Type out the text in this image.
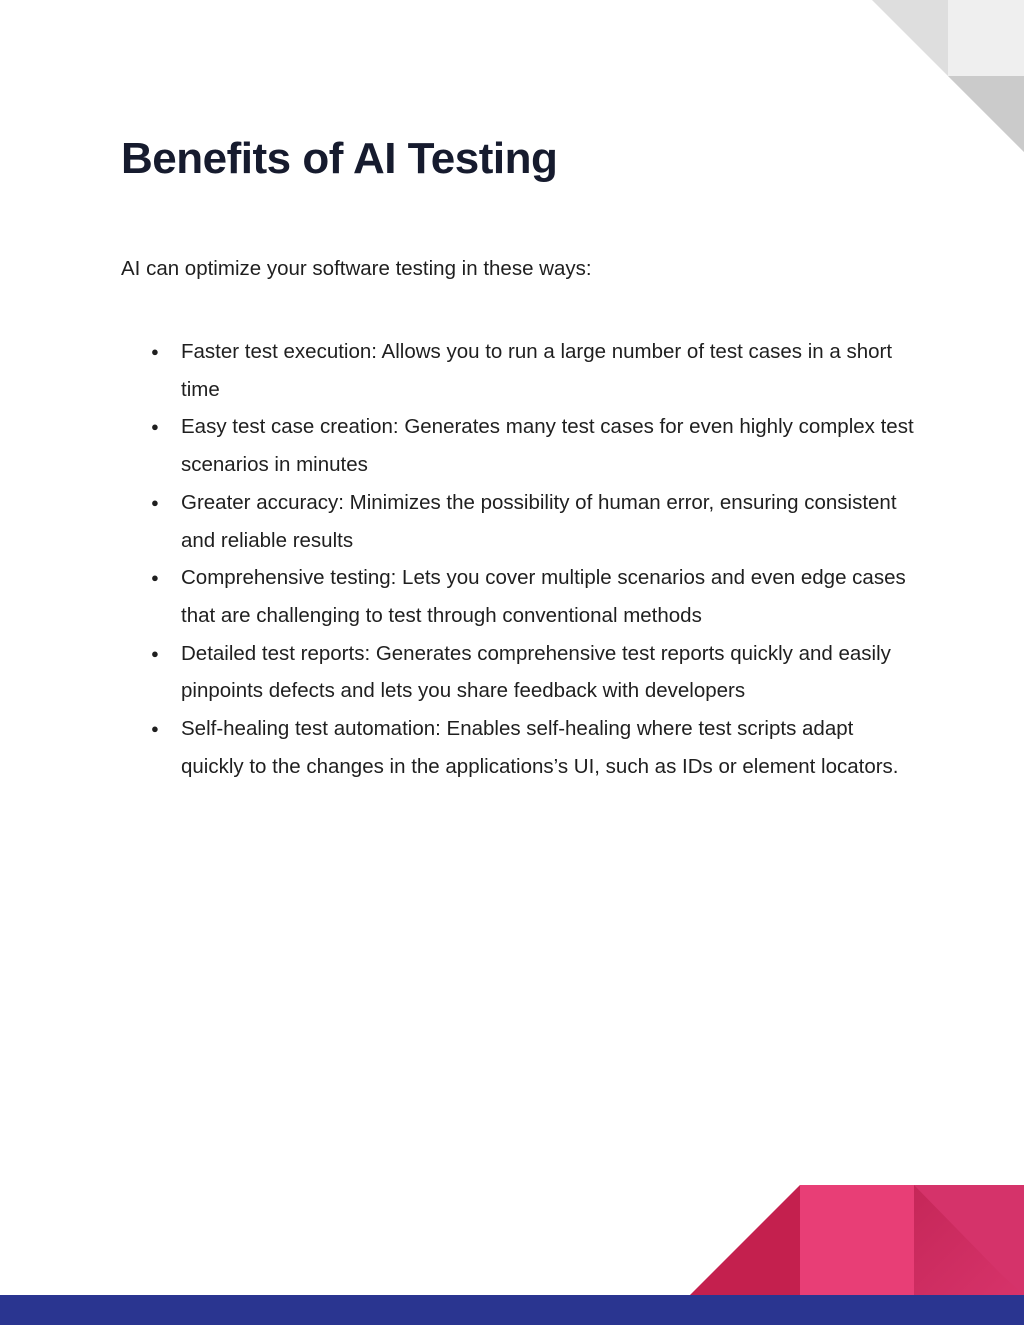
Benefits of AI Testing

AI can optimize your software testing in these ways:

● Faster test execution: Allows you to run a large number of test cases in a short time
● Easy test case creation: Generates many test cases for even highly complex test scenarios in minutes
● Greater accuracy: Minimizes the possibility of human error, ensuring consistent and reliable results
● Comprehensive testing: Lets you cover multiple scenarios and even edge cases that are challenging to test through conventional methods
● Detailed test reports: Generates comprehensive test reports quickly and easily pinpoints defects and lets you share feedback with developers
● Self-healing test automation: Enables self-healing where test scripts adapt quickly to the changes in the applications’s UI, such as IDs or element locators.
